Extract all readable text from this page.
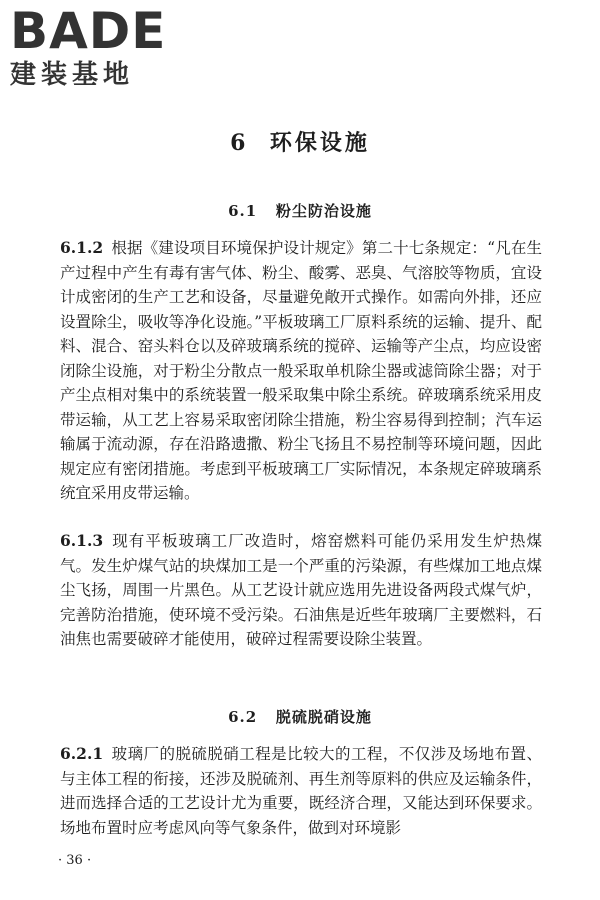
BADE
建装基地
6 环保设施
6.1 粉尘防治设施

6.1.2 根据《建设项目环境保护设计规定》第二十七条规定：“凡在生产过程中产生有毒有害气体、粉尘、酸雾、恶臭、气溶胶等物质，宜设计成密闭的生产工艺和设备，尽量避免敞开式操作。如需向外排，还应设置除尘，吸收等净化设施。”平板玻璃工厂原料系统的运输、提升、配料、混合、窑头料仓以及碎玻璃系统的搅碎、运输等产尘点，均应设密闭除尘设施，对于粉尘分散点一般采取单机除尘器或滤筒除尘器；对于产尘点相对集中的系统装置一般采取集中除尘系统。碎玻璃系统采用皮带运输，从工艺上容易采取密闭除尘措施，粉尘容易得到控制；汽车运输属于流动源，存在沿路遗撒、粉尘飞扬且不易控制等环境问题，因此规定应有密闭措施。考虑到平板玻璃工厂实际情况，本条规定碎玻璃系统宜采用皮带运输。

6.1.3 现有平板玻璃工厂改造时，熔窑燃料可能仍采用发生炉热煤气。发生炉煤气站的块煤加工是一个严重的污染源，有些煤加工地点煤尘飞扬，周围一片黑色。从工艺设计就应选用先进设备两段式煤气炉，完善防治措施，使环境不受污染。石油焦是近些年玻璃厂主要燃料，石油焦也需要破碎才能使用，破碎过程需要设除尘装置。

6.2 脱硫脱硝设施

6.2.1 玻璃厂的脱硫脱硝工程是比较大的工程，不仅涉及场地布置、与主体工程的衔接，还涉及脱硫剂、再生剂等原料的供应及运输条件，进而选择合适的工艺设计尤为重要，既经济合理，又能达到环保要求。场地布置时应考虑风向等气象条件，做到对环境影

· 36 ·
